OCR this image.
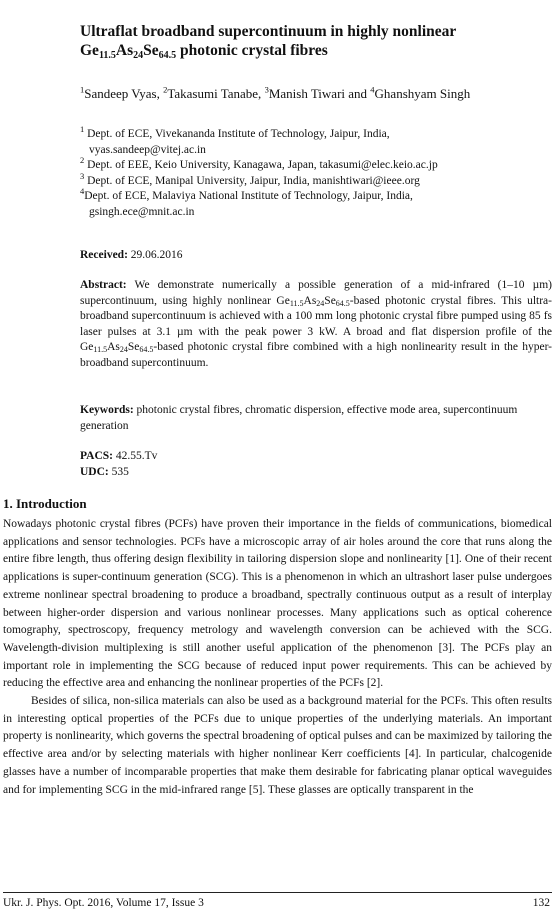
Ultraflat broadband supercontinuum in highly nonlinear
$Ge_{11.5}As_{24}Se_{64.5}$ photonic crystal fibres
$^1$Sandeep Vyas, $^2$Takasumi Tanabe, $^3$Manish Tiwari and $^4$Ghanshyam Singh
$^1$ Dept. of ECE, Vivekananda Institute of Technology, Jaipur, India,
vyas.sandeep@vitej.ac.in
$^2$ Dept. of EEE, Keio University, Kanagawa, Japan, takasumi@elec.keio.ac.jp
$^3$ Dept. of ECE, Manipal University, Jaipur, India, manishtiwari@ieee.org
$^4$Dept. of ECE, Malaviya National Institute of Technology, Jaipur, India,
gsingh.ece@mnit.ac.in
Received: 29.06.2016

Abstract: We demonstrate numerically a possible generation of a mid-infrared (1–10 µm) supercontinuum, using highly nonlinear $Ge_{11.5}As_{24}Se_{64.5}$-based photonic crystal fibres. This ultra-broadband supercontinuum is achieved with a 100 mm long photonic crystal fibre pumped using 85 fs laser pulses at 3.1 µm with the peak power 3 kW. A broad and flat dispersion profile of the $Ge_{11.5}As_{24}Se_{64.5}$-based photonic crystal fibre combined with a high nonlinearity result in the hyper-broadband supercontinuum.

Keywords: photonic crystal fibres, chromatic dispersion, effective mode area, supercontinuum generation

PACS: 42.55.Tv
UDC: 535
1. Introduction

Nowadays photonic crystal fibres (PCFs) have proven their importance in the fields of communications, biomedical applications and sensor technologies. PCFs have a microscopic array of air holes around the core that runs along the entire fibre length, thus offering design flexibility in tailoring dispersion slope and nonlinearity [1]. One of their recent applications is super-continuum generation (SCG). This is a phenomenon in which an ultrashort laser pulse undergoes extreme nonlinear spectral broadening to produce a broadband, spectrally continuous output as a result of interplay between higher-order dispersion and various nonlinear processes. Many applications such as optical coherence tomography, spectroscopy, frequency metrology and wavelength conversion can be achieved with the SCG. Wavelength-division multiplexing is still another useful application of the phenomenon [3]. The PCFs play an important role in implementing the SCG because of reduced input power requirements. This can be achieved by reducing the effective area and enhancing the nonlinear properties of the PCFs [2].

Besides of silica, non-silica materials can also be used as a background material for the PCFs. This often results in interesting optical properties of the PCFs due to unique properties of the underlying materials. An important property is nonlinearity, which governs the spectral broadening of optical pulses and can be maximized by tailoring the effective area and/or by selecting materials with higher nonlinear Kerr coefficients [4]. In particular, chalcogenide glasses have a number of incomparable properties that make them desirable for fabricating planar optical waveguides and for implementing SCG in the mid-infrared range [5]. These glasses are optically transparent in the

Ukr. J. Phys. Opt. 2016, Volume 17, Issue 3	132
